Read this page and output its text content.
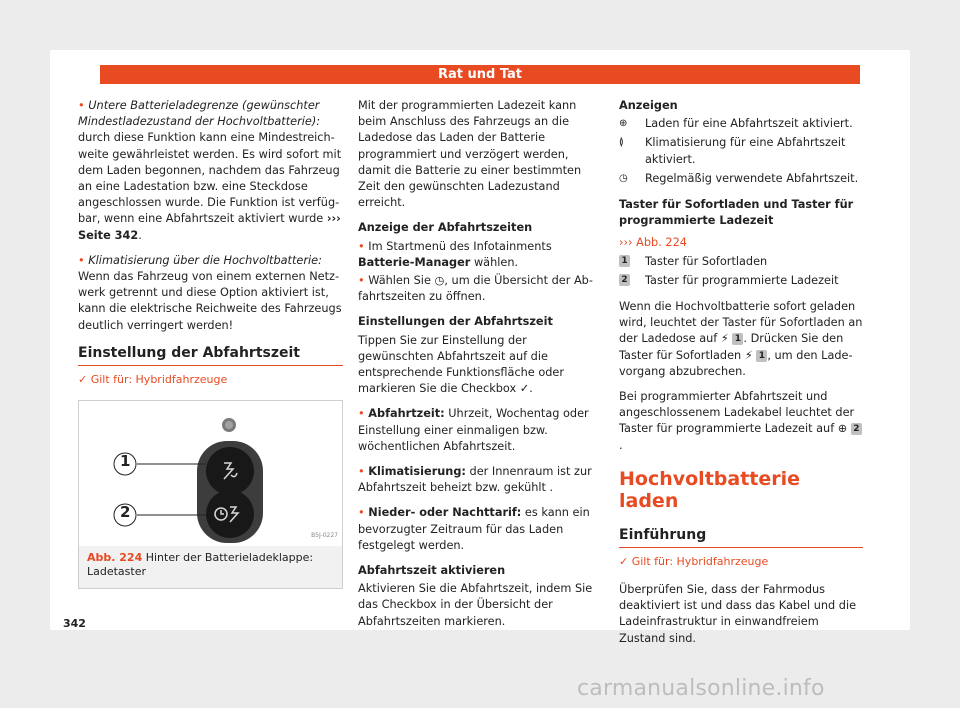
Rat und Tat

• Untere Batterieladegrenze (gewünschter Mindestladezustand der Hochvoltbatterie): durch diese Funktion kann eine Mindestreichweite gewährleistet werden. Es wird sofort mit dem Laden begonnen, nachdem das Fahrzeug an eine Ladestation bzw. eine Steckdose angeschlossen wurde. Die Funktion ist verfügbar, wenn eine Abfahrtszeit aktiviert wurde ››› Seite 342.

• Klimatisierung über die Hochvoltbatterie: Wenn das Fahrzeug von einem externen Netzwerk getrennt und diese Option aktiviert ist, kann die elektrische Reichweite des Fahrzeugs deutlich verringert werden!

Einstellung der Abfahrtszeit
✓ Gilt für: Hybridfahrzeuge
1
2
B5J-0227
Abb. 224 Hinter der Batterieladeklappe: Ladetaster

Mit der programmierten Ladezeit kann beim Anschluss des Fahrzeugs an die Ladedose das Laden der Batterie programmiert und verzögert werden, damit die Batterie zu einer bestimmten Zeit den gewünschten Ladezustand erreicht.

Anzeige der Abfahrtszeiten

• Im Startmenü des Infotainments Batterie-Manager wählen.

• Wählen Sie ◷, um die Übersicht der Abfahrtszeiten zu öffnen.

Einstellungen der Abfahrtszeit

Tippen Sie zur Einstellung der gewünschten Abfahrtszeit auf die entsprechende Funktionsfläche oder markieren Sie die Checkbox ✓.

• Abfahrtzeit: Uhrzeit, Wochentag oder Einstellung einer einmaligen bzw. wöchentlichen Abfahrtszeit.

• Klimatisierung: der Innenraum ist zur Abfahrtszeit beheizt bzw. gekühlt .

• Nieder- oder Nachttarif: es kann ein bevorzugter Zeitraum für das Laden festgelegt werden.

Abfahrtszeit aktivieren

Aktivieren Sie die Abfahrtszeit, indem Sie das Checkbox in der Übersicht der Abfahrtszeiten markieren.

Anzeigen

⊕	Laden für eine Abfahrtszeit aktiviert.
≬	Klimatisierung für eine Abfahrtszeit aktiviert.
◷	Regelmäßig verwendete Abfahrtszeit.

Taster für Sofortladen und Taster für programmierte Ladezeit

››› Abb. 224

1	Taster für Sofortladen
2	Taster für programmierte Ladezeit

Wenn die Hochvoltbatterie sofort geladen wird, leuchtet der Taster für Sofortladen an der Ladedose auf ⚡ 1 . Drücken Sie den Taster für Sofortladen ⚡ 1 , um den Ladevorgang abzubrechen.

Bei programmierter Abfahrtszeit und angeschlossenem Ladekabel leuchtet der Taster für programmierte Ladezeit auf ⊕ 2.

Hochvoltbatterie laden
Einführung
✓ Gilt für: Hybridfahrzeuge

Überprüfen Sie, dass der Fahrmodus deaktiviert ist und dass das Kabel und die Ladeinfrastruktur in einwandfreiem Zustand sind.

342
carmanualsonline.info
